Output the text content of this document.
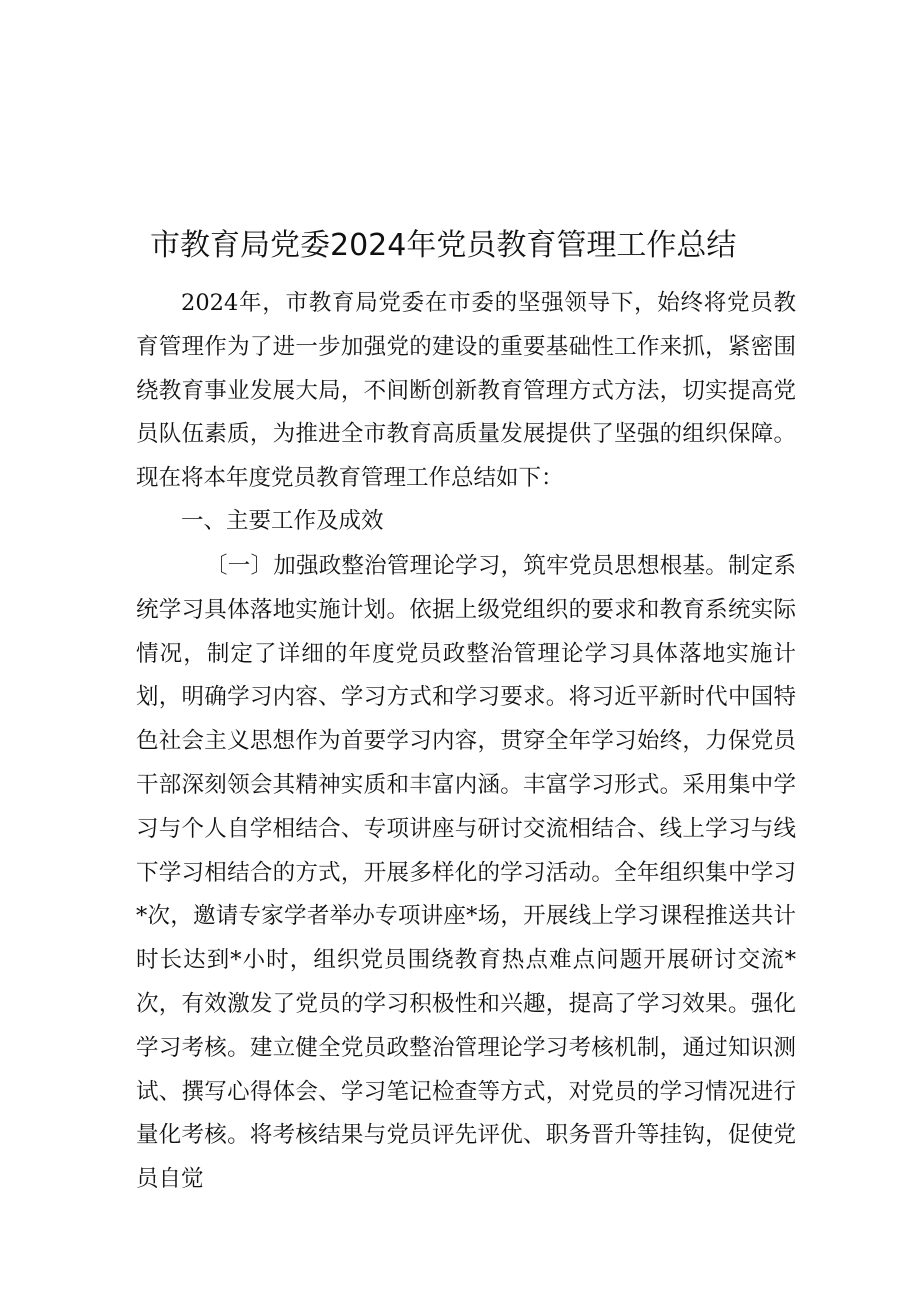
市教育局党委2024年党员教育管理工作总结

2024年，市教育局党委在市委的坚强领导下，始终将党员教育管理作为了进一步加强党的建设的重要基础性工作来抓，紧密围绕教育事业发展大局，不间断创新教育管理方式方法，切实提高党员队伍素质，为推进全市教育高质量发展提供了坚强的组织保障。现在将本年度党员教育管理工作总结如下：

一、主要工作及成效

〔一〕加强政整治管理论学习，筑牢党员思想根基。制定系统学习具体落地实施计划。依据上级党组织的要求和教育系统实际情况，制定了详细的年度党员政整治管理论学习具体落地实施计划，明确学习内容、学习方式和学习要求。将习近平新时代中国特色社会主义思想作为首要学习内容，贯穿全年学习始终，力保党员干部深刻领会其精神实质和丰富内涵。丰富学习形式。采用集中学习与个人自学相结合、专项讲座与研讨交流相结合、线上学习与线下学习相结合的方式，开展多样化的学习活动。全年组织集中学习*次，邀请专家学者举办专项讲座*场，开展线上学习课程推送共计时长达到*小时，组织党员围绕教育热点难点问题开展研讨交流*次，有效激发了党员的学习积极性和兴趣，提高了学习效果。强化学习考核。建立健全党员政整治管理论学习考核机制，通过知识测试、撰写心得体会、学习笔记检查等方式，对党员的学习情况进行量化考核。将考核结果与党员评先评优、职务晋升等挂钩，促使党员自觉
